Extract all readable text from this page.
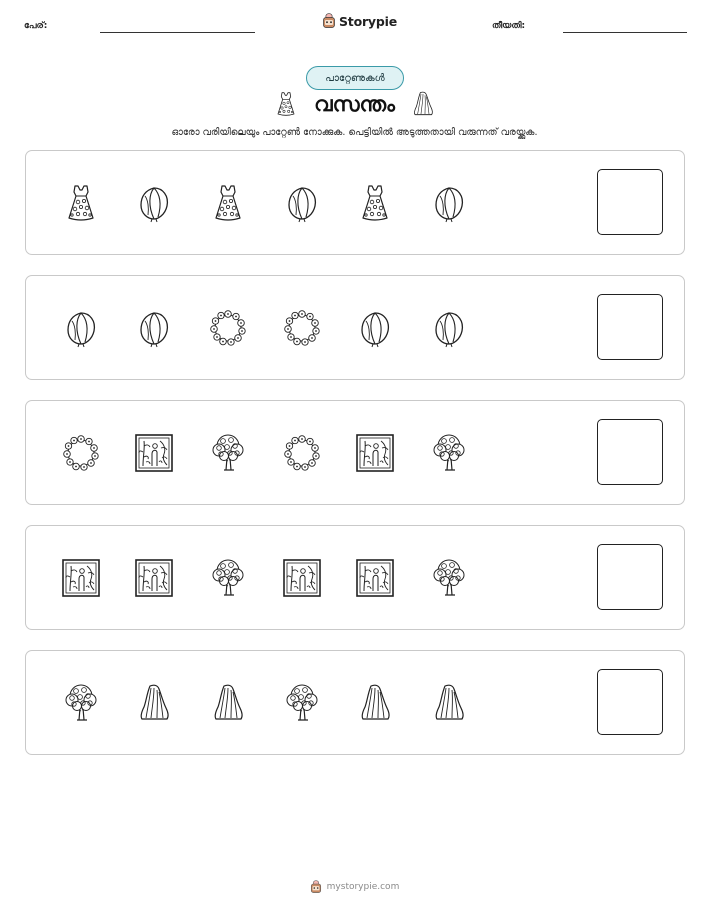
പേര്:	Storypie	തീയതി:
പാറ്റേണുകൾ
വസന്തം
ഓരോ വരിയിലെയും പാറ്റേൺ നോക്കുക. പെട്ടിയിൽ അടുത്തതായി വരുന്നത് വരയ്ക്കുക.
mystorypie.com
